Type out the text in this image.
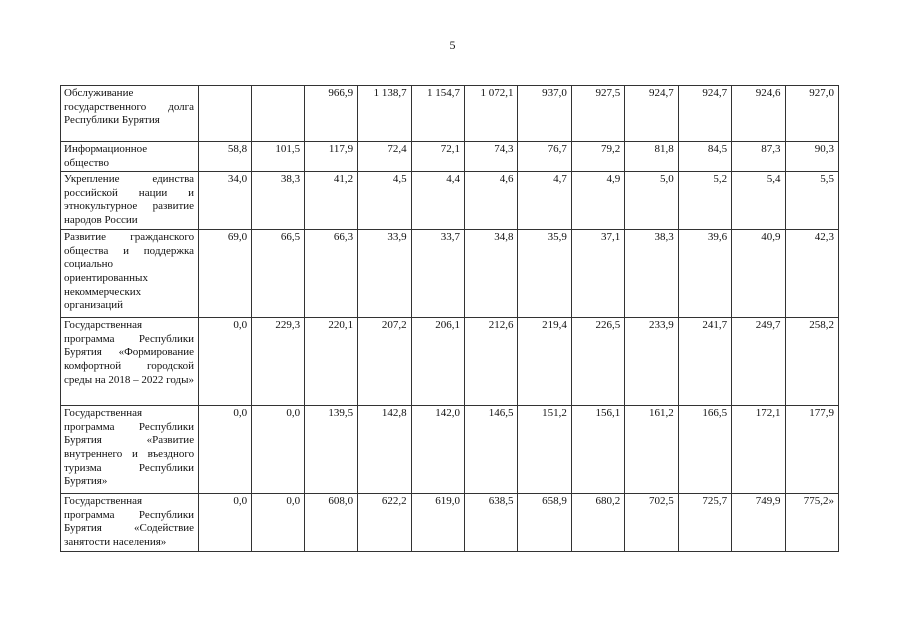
5
Обслуживание государственного долга Республики Бурятия			966,9	1 138,7	1 154,7	1 072,1	937,0	927,5	924,7	924,7	924,6	927,0
Информационное общество	58,8	101,5	117,9	72,4	72,1	74,3	76,7	79,2	81,8	84,5	87,3	90,3
Укрепление единства российской нации и этнокультурное развитие народов России	34,0	38,3	41,2	4,5	4,4	4,6	4,7	4,9	5,0	5,2	5,4	5,5
Развитие гражданского общества и поддержка социально ориентированных некоммерческих организаций	69,0	66,5	66,3	33,9	33,7	34,8	35,9	37,1	38,3	39,6	40,9	42,3
Государственная программа Республики Бурятия «Формирование комфортной городской среды на 2018 – 2022 годы»	0,0	229,3	220,1	207,2	206,1	212,6	219,4	226,5	233,9	241,7	249,7	258,2
Государственная программа Республики Бурятия «Развитие внутреннего и въездного туризма Республики Бурятия»	0,0	0,0	139,5	142,8	142,0	146,5	151,2	156,1	161,2	166,5	172,1	177,9
Государственная программа Республики Бурятия «Содействие занятости населения»	0,0	0,0	608,0	622,2	619,0	638,5	658,9	680,2	702,5	725,7	749,9	775,2»
